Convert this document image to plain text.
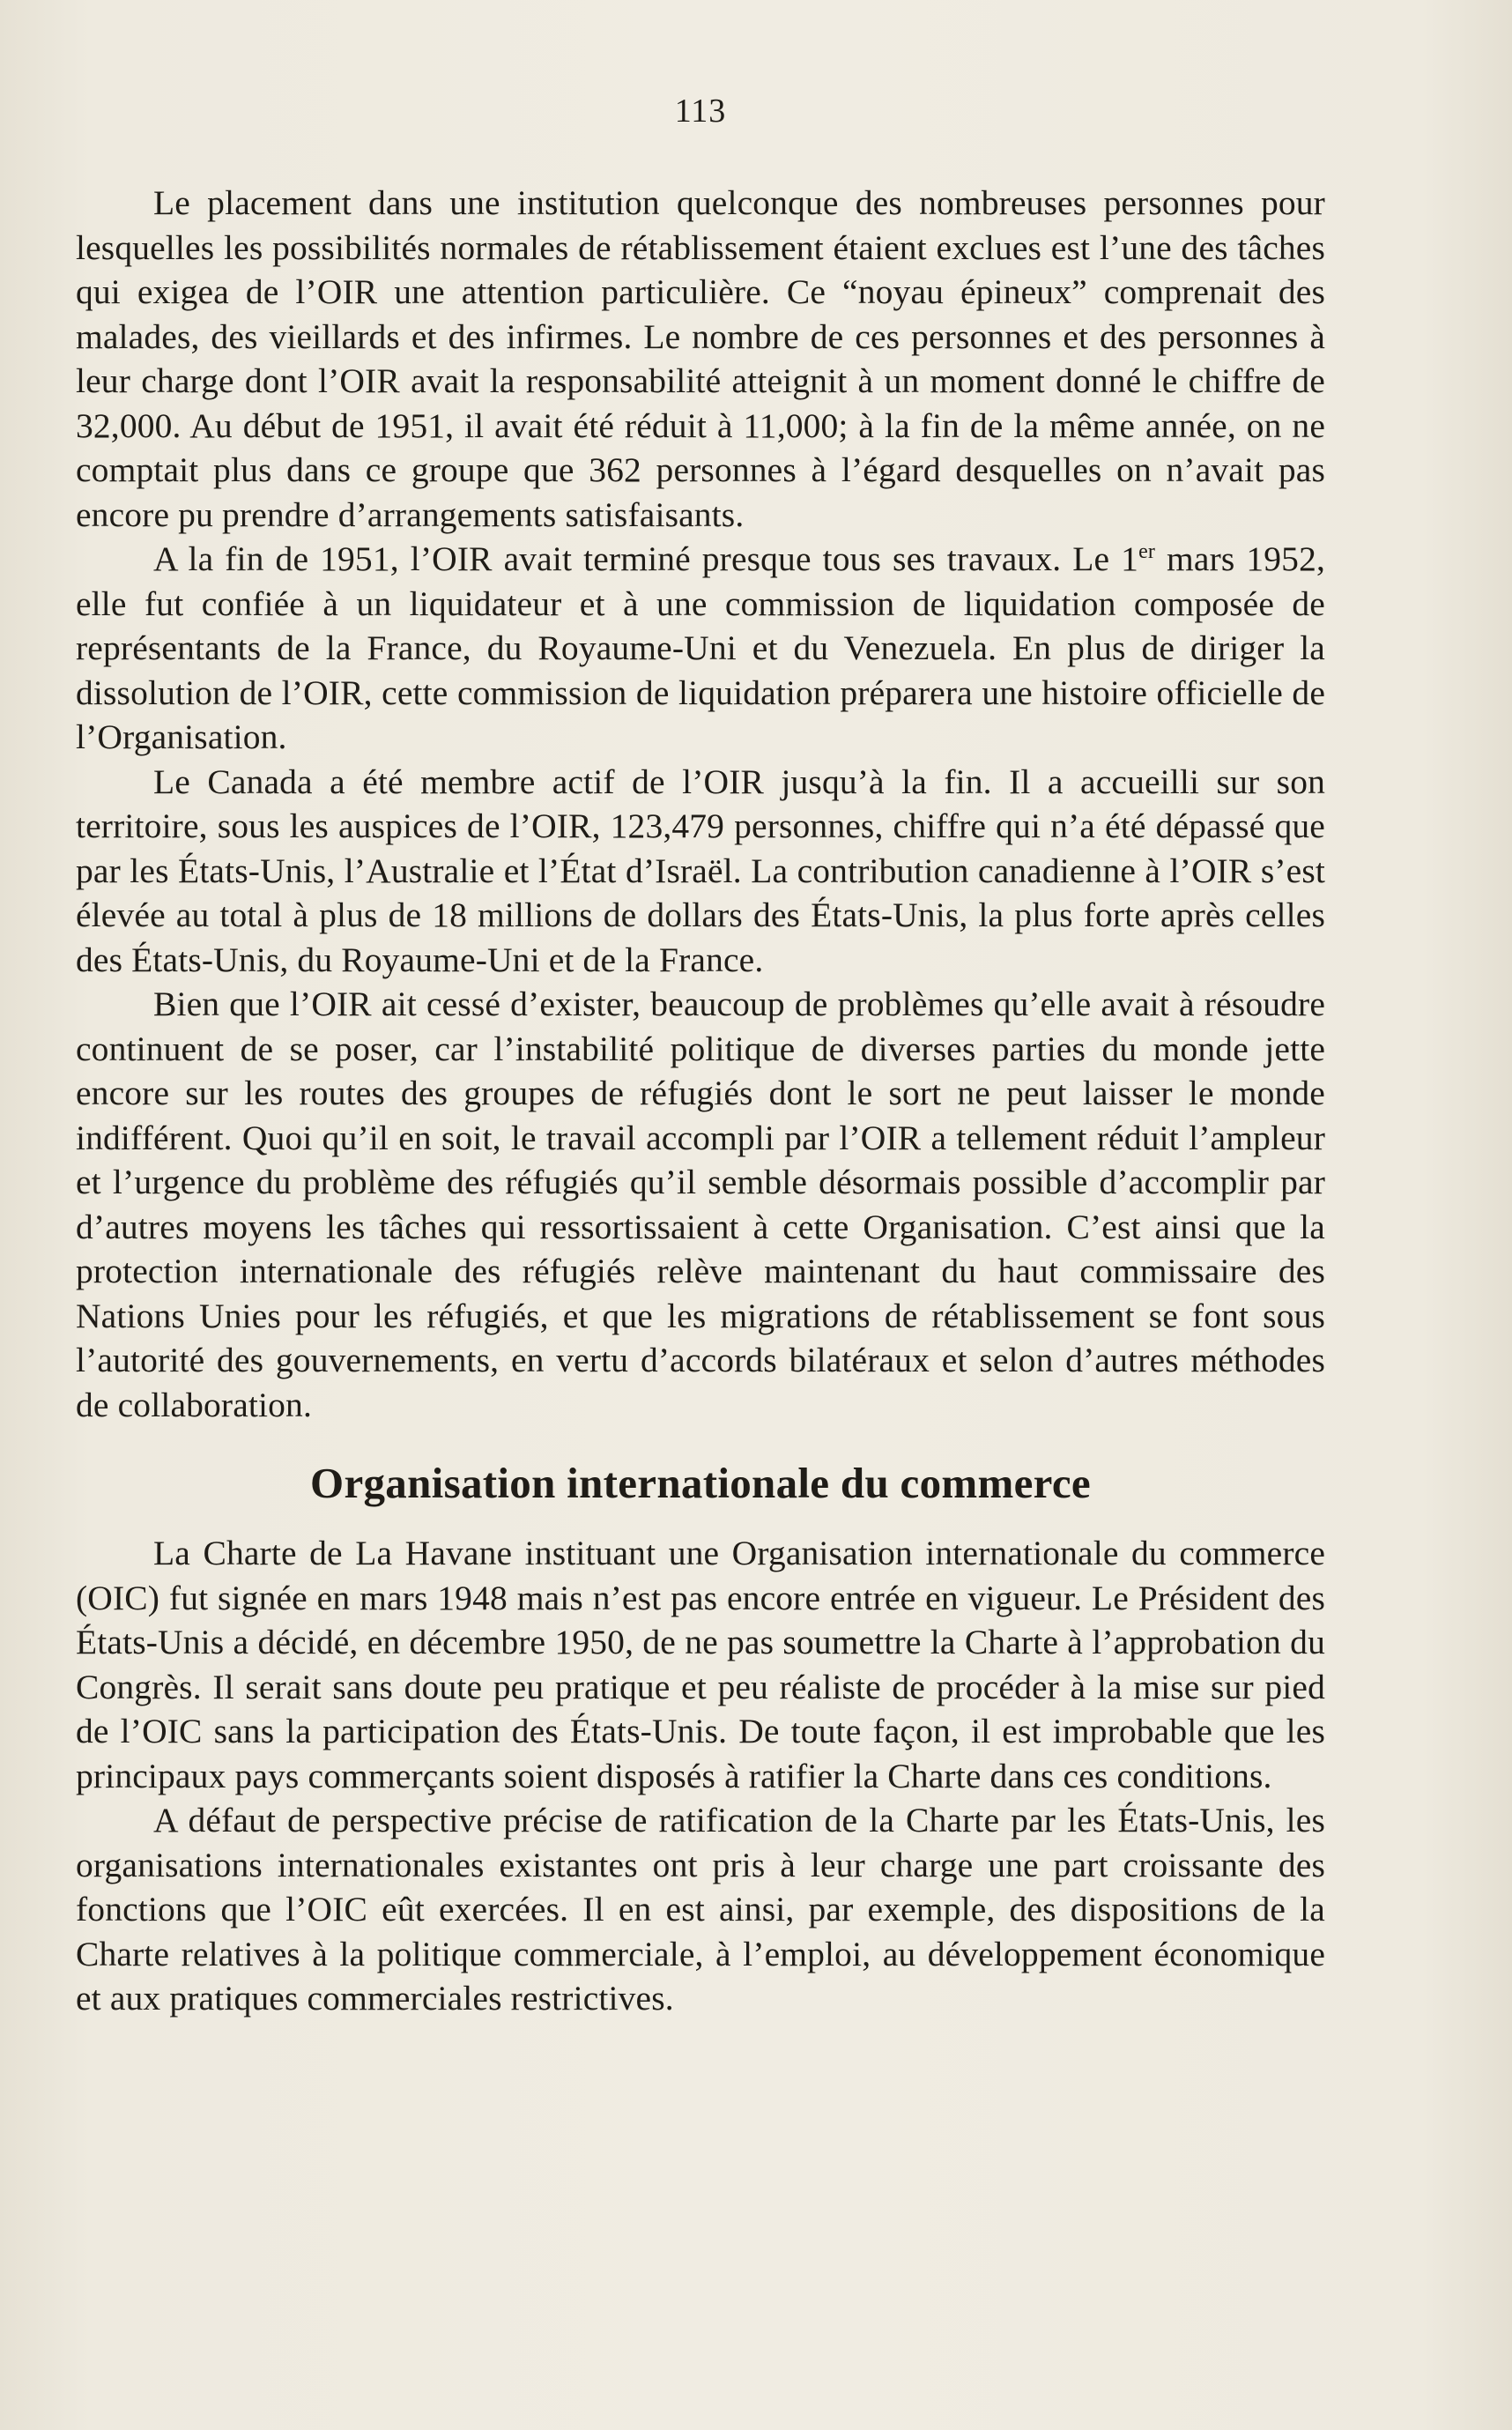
113

Le placement dans une institution quelconque des nombreuses personnes pour lesquelles les possibilités normales de rétablissement étaient exclues est l’une des tâches qui exigea de l’OIR une attention particulière. Ce “noyau épineux” comprenait des malades, des vieillards et des infirmes. Le nombre de ces personnes et des personnes à leur charge dont l’OIR avait la responsabilité atteignit à un moment donné le chiffre de 32,000. Au début de 1951, il avait été réduit à 11,000; à la fin de la même année, on ne comptait plus dans ce groupe que 362 personnes à l’égard desquelles on n’avait pas encore pu prendre d’arrangements satisfaisants.

A la fin de 1951, l’OIR avait terminé presque tous ses travaux. Le 1er mars 1952, elle fut confiée à un liquidateur et à une commission de liquidation composée de représentants de la France, du Royaume-Uni et du Venezuela. En plus de diriger la dissolution de l’OIR, cette commission de liquidation préparera une histoire officielle de l’Organisation.

Le Canada a été membre actif de l’OIR jusqu’à la fin. Il a accueilli sur son territoire, sous les auspices de l’OIR, 123,479 personnes, chiffre qui n’a été dépassé que par les États-Unis, l’Australie et l’État d’Israël. La contribution canadienne à l’OIR s’est élevée au total à plus de 18 millions de dollars des États-Unis, la plus forte après celles des États-Unis, du Royaume-Uni et de la France.

Bien que l’OIR ait cessé d’exister, beaucoup de problèmes qu’elle avait à résoudre continuent de se poser, car l’instabilité politique de diverses parties du monde jette encore sur les routes des groupes de réfugiés dont le sort ne peut laisser le monde indifférent. Quoi qu’il en soit, le travail accompli par l’OIR a tellement réduit l’ampleur et l’urgence du problème des réfugiés qu’il semble désormais possible d’accomplir par d’autres moyens les tâches qui ressortissaient à cette Organisation. C’est ainsi que la protection internationale des réfugiés relève maintenant du haut commissaire des Nations Unies pour les réfugiés, et que les migrations de rétablissement se font sous l’autorité des gouvernements, en vertu d’accords bilatéraux et selon d’autres méthodes de collaboration.

Organisation internationale du commerce

La Charte de La Havane instituant une Organisation internationale du commerce (OIC) fut signée en mars 1948 mais n’est pas encore entrée en vigueur. Le Président des États-Unis a décidé, en décembre 1950, de ne pas soumettre la Charte à l’approbation du Congrès. Il serait sans doute peu pratique et peu réaliste de procéder à la mise sur pied de l’OIC sans la participation des États-Unis. De toute façon, il est improbable que les principaux pays commerçants soient disposés à ratifier la Charte dans ces conditions.

A défaut de perspective précise de ratification de la Charte par les États-Unis, les organisations internationales existantes ont pris à leur charge une part croissante des fonctions que l’OIC eût exercées. Il en est ainsi, par exemple, des dispositions de la Charte relatives à la politique commerciale, à l’emploi, au développement économique et aux pratiques commerciales restrictives.
